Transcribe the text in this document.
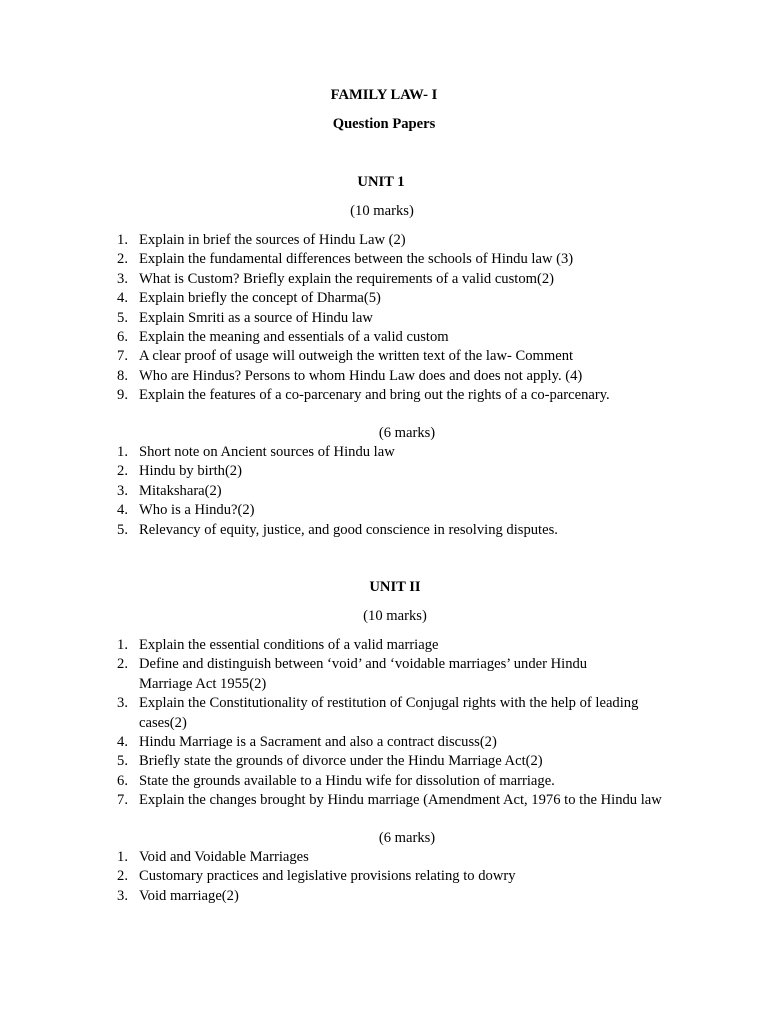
FAMILY LAW- I
Question Papers
UNIT 1
(10 marks)
1. Explain in brief the sources of Hindu Law (2)
2. Explain the fundamental differences between the schools of Hindu law (3)
3. What is Custom? Briefly explain the requirements of a valid custom(2)
4. Explain briefly the concept of Dharma(5)
5. Explain Smriti as a source of Hindu law
6. Explain the meaning and essentials of a valid custom
7. A clear proof of usage will outweigh the written text of the law- Comment
8. Who are Hindus? Persons to whom Hindu Law does and does not apply. (4)
9. Explain the features of a co-parcenary and bring out the rights of a co-parcenary.
(6 marks)
1. Short note on Ancient sources of Hindu law
2. Hindu by birth(2)
3. Mitakshara(2)
4. Who is a Hindu?(2)
5. Relevancy of equity, justice, and good conscience in resolving disputes.
UNIT II
(10 marks)
1. Explain the essential conditions of a valid marriage
2. Define and distinguish between ‘void’ and ‘voidable marriages’ under Hindu Marriage Act 1955(2)
3. Explain the Constitutionality of restitution of Conjugal rights with the help of leading cases(2)
4. Hindu Marriage is a Sacrament and also a contract discuss(2)
5. Briefly state the grounds of divorce under the Hindu Marriage Act(2)
6. State the grounds available to a Hindu wife for dissolution of marriage.
7. Explain the changes brought by Hindu marriage (Amendment Act, 1976 to the Hindu law
(6 marks)
1. Void and Voidable Marriages
2. Customary practices and legislative provisions relating to dowry
3. Void marriage(2)
